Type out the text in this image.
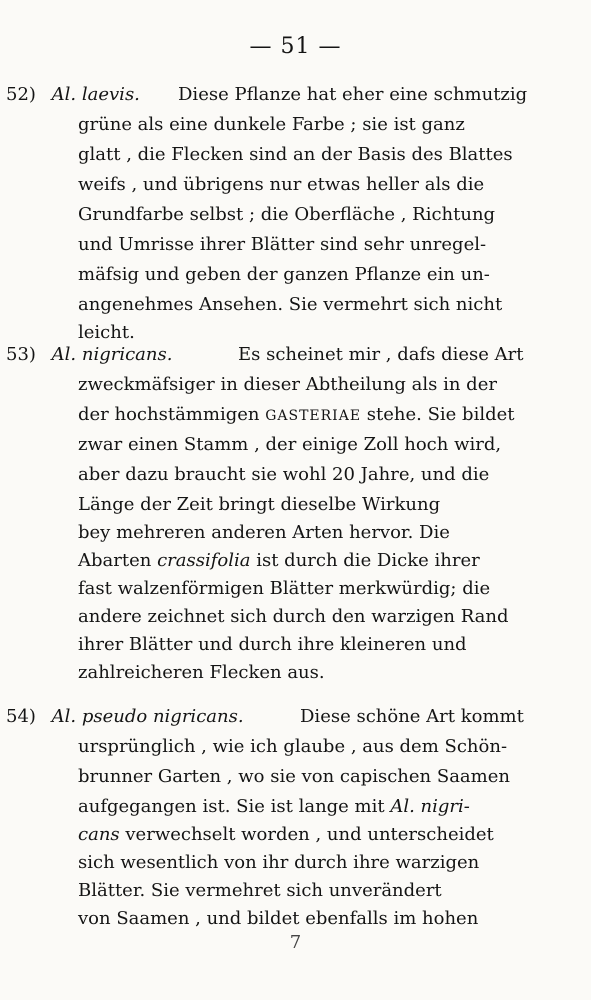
— 51 —
52) Al. laevis. Diese Pflanze hat eher eine schmutzig
grüne als eine dunkele Farbe ; sie ist ganz
glatt , die Flecken sind an der Basis des Blattes
weifs , und übrigens nur etwas heller als die
Grundfarbe selbst ; die Oberfläche , Richtung
und Umrisse ihrer Blätter sind sehr unregel-
mäfsig und geben der ganzen Pflanze ein un-
angenehmes Ansehen. Sie vermehrt sich nicht
leicht.
53) Al. nigricans.	Es scheinet mir , dafs diese Art
zweckmäfsiger in dieser Abtheilung als in der
der hochstämmigen GASTERIAE stehe. Sie bildet
zwar einen Stamm , der einige Zoll hoch wird,
aber dazu braucht sie wohl 20 Jahre, und die
Länge der Zeit bringt dieselbe Wirkung
bey mehreren anderen Arten hervor. Die
Abarten crassifolia ist durch die Dicke ihrer
fast walzenförmigen Blätter merkwürdig; die
andere zeichnet sich durch den warzigen Rand
ihrer Blätter und durch ihre kleineren und
zahlreicheren Flecken aus.
54) Al. pseudo nigricans.	Diese schöne Art kommt
ursprünglich , wie ich glaube , aus dem Schön-
brunner Garten , wo sie von capischen Saamen
aufgegangen ist. Sie ist lange mit Al. nigri-
cans verwechselt worden , und unterscheidet
sich wesentlich von ihr durch ihre warzigen
Blätter. Sie vermehret sich unverändert
von Saamen , und bildet ebenfalls im hohen
7
